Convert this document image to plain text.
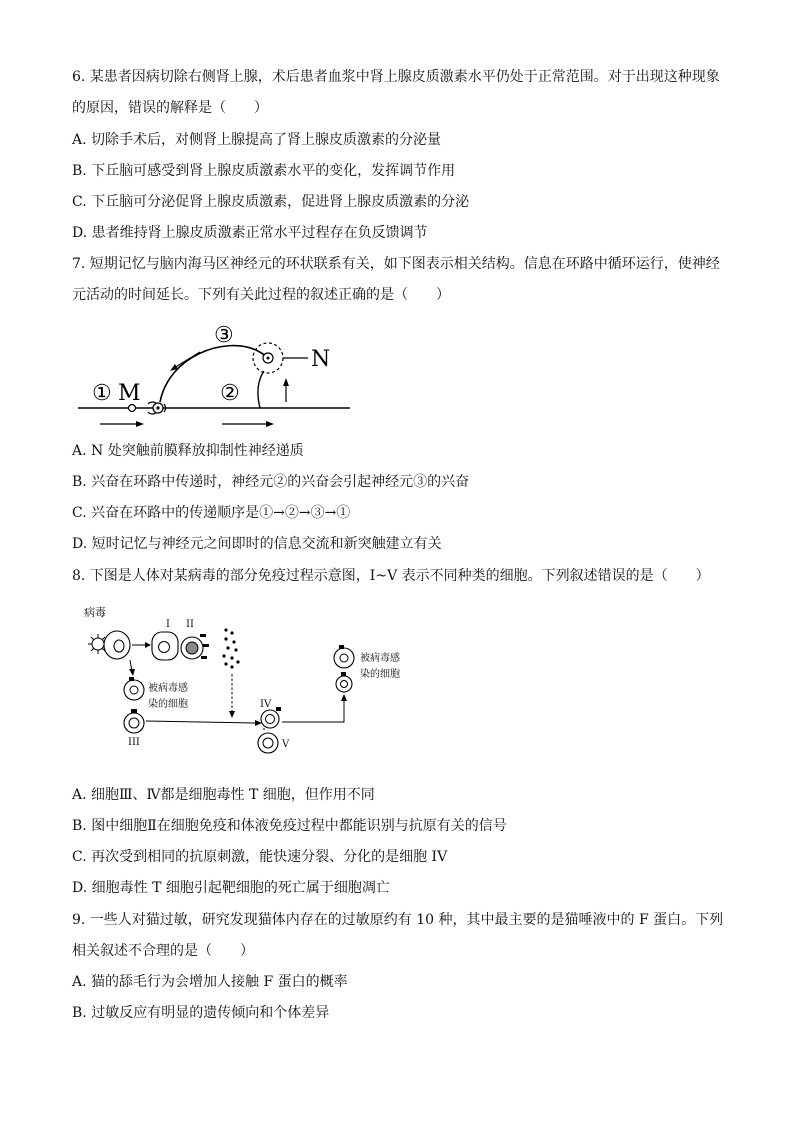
6. 某患者因病切除右侧肾上腺，术后患者血浆中肾上腺皮质激素水平仍处于正常范围。对于出现这种现象
的原因，错误的解释是（　　）
A. 切除手术后，对侧肾上腺提高了肾上腺皮质激素的分泌量
B. 下丘脑可感受到肾上腺皮质激素水平的变化，发挥调节作用
C. 下丘脑可分泌促肾上腺皮质激素，促进肾上腺皮质激素的分泌
D. 患者维持肾上腺皮质激素正常水平过程存在负反馈调节
7. 短期记忆与脑内海马区神经元的环状联系有关，如下图表示相关结构。信息在环路中循环运行，使神经
元活动的时间延长。下列有关此过程的叙述正确的是（　　）
① M	②
③
N
A. N 处突触前膜释放抑制性神经递质
B. 兴奋在环路中传递时，神经元②的兴奋会引起神经元③的兴奋
C. 兴奋在环路中的传递顺序是①→②→③→①
D. 短时记忆与神经元之间即时的信息交流和新突触建立有关
8. 下图是人体对某病毒的部分免疫过程示意图，I~V 表示不同种类的细胞。下列叙述错误的是（　　）
病毒
I II
被病毒感
染的细胞
III
IV
V
被病毒感
染的细胞
A. 细胞Ⅲ、Ⅳ都是细胞毒性 T 细胞，但作用不同
B. 图中细胞Ⅱ在细胞免疫和体液免疫过程中都能识别与抗原有关的信号
C. 再次受到相同的抗原刺激，能快速分裂、分化的是细胞 IV
D. 细胞毒性 T 细胞引起靶细胞的死亡属于细胞凋亡
9. 一些人对猫过敏，研究发现猫体内存在的过敏原约有 10 种，其中最主要的是猫唾液中的 F 蛋白。下列
相关叙述不合理的是（　　）
A. 猫的舔毛行为会增加人接触 F 蛋白的概率
B. 过敏反应有明显的遗传倾向和个体差异
